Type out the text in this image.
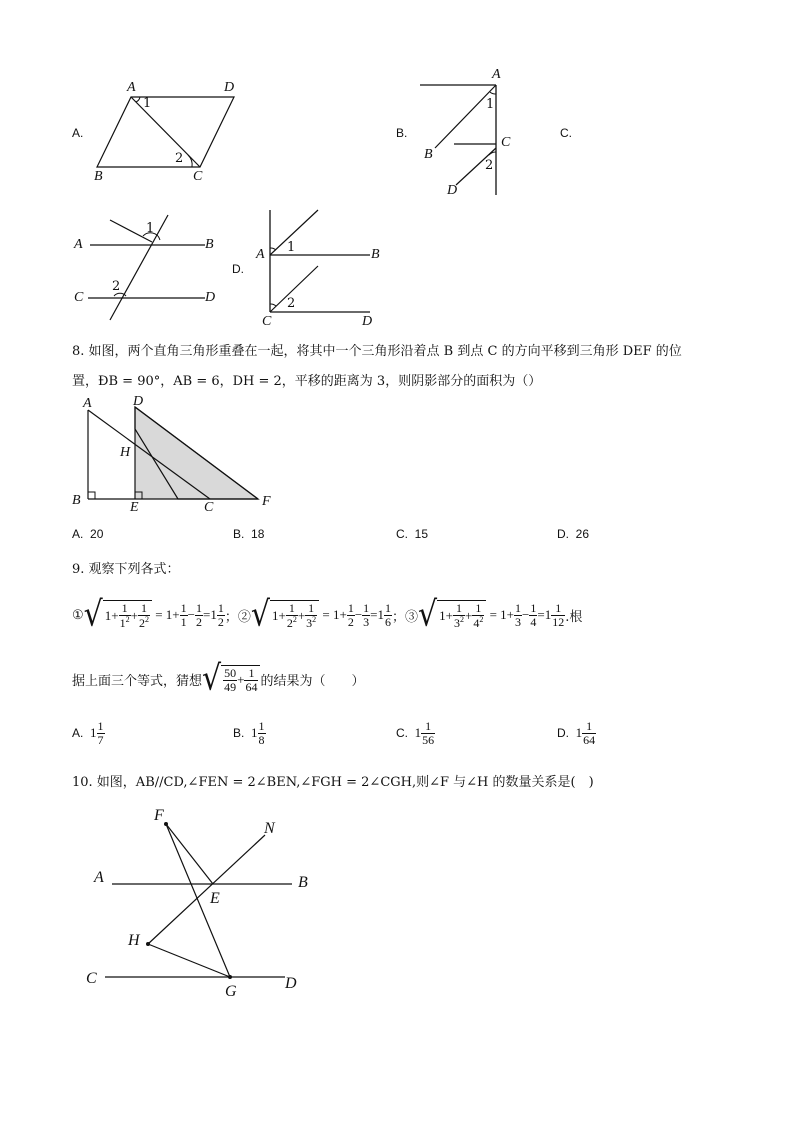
A.
A	D
B	C
1
2
B.
A
B
C
D
1
2
C.
A	B
C	D
1
2
D.
A	B
C	D
1
2
8. 如图，两个直角三角形重叠在一起，将其中一个三角形沿着点 B 到点 C 的方向平移到三角形 DEF 的位
置，ÐB = 90°，AB = 6，DH = 2，平移的距离为 3，则阴影部分的面积为（）
A	D
H
B	E	C	F
A. 20	B. 18	C. 15	D. 26
9. 观察下列各式：
① √ $1+ \frac{1}{1^2} + \frac{1}{2^2} = 1+ \frac{1}{1} - \frac{1}{2} =1 \frac{1}{2}$ ；② √ $1+ \frac{1}{2^2} + \frac{1}{3^2} = 1+ \frac{1}{2} - \frac{1}{3} =1 \frac{1}{6}$ ；③ √ $1+ \frac{1}{3^2} + \frac{1}{4^2} = 1+ \frac{1}{3} - \frac{1}{4} =1 \frac{1}{12}$ .根
据上面三个等式，猜想 √ $\frac{50}{49} + \frac{1}{64}$ 的结果为（　　）
A.
$1 \frac{1}{7}$	B.
$1 \frac{1}{8}$	C.
$1 \frac{1}{56}$	D.
$1 \frac{1}{64}$
10. 如图，AB//CD,∠FEN = 2∠BEN,∠FGH = 2∠CGH,则∠F 与∠H 的数量关系是(　)
F
N
A
E
B
H
C
G	D
